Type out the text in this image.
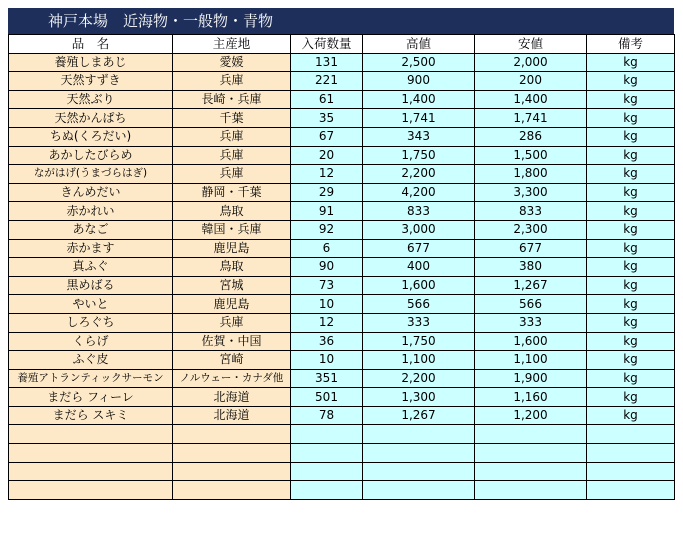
神戸本場　近海物・一般物・青物
品　名	主産地	入荷数量	高値	安値	備考
養殖しまあじ	愛媛	131	2,500	2,000	kg
天然すずき	兵庫	221	900	200	kg
天然ぶり	長崎・兵庫	61	1,400	1,400	kg
天然かんぱち	千葉	35	1,741	1,741	kg
ちぬ(くろだい)	兵庫	67	343	286	kg
あかしたびらめ	兵庫	20	1,750	1,500	kg
ながはげ(うまづらはぎ)	兵庫	12	2,200	1,800	kg
きんめだい	静岡・千葉	29	4,200	3,300	kg
赤かれい	鳥取	91	833	833	kg
あなご	韓国・兵庫	92	3,000	2,300	kg
赤かます	鹿児島	6	677	677	kg
真ふぐ	鳥取	90	400	380	kg
黒めばる	宮城	73	1,600	1,267	kg
やいと	鹿児島	10	566	566	kg
しろぐち	兵庫	12	333	333	kg
くらげ	佐賀・中国	36	1,750	1,600	kg
ふぐ皮	宮崎	10	1,100	1,100	kg
養殖アトランティックサーモン	ノルウェー・カナダ他	351	2,200	1,900	kg
まだら フィーレ	北海道	501	1,300	1,160	kg
まだら スキミ	北海道	78	1,267	1,200	kg
